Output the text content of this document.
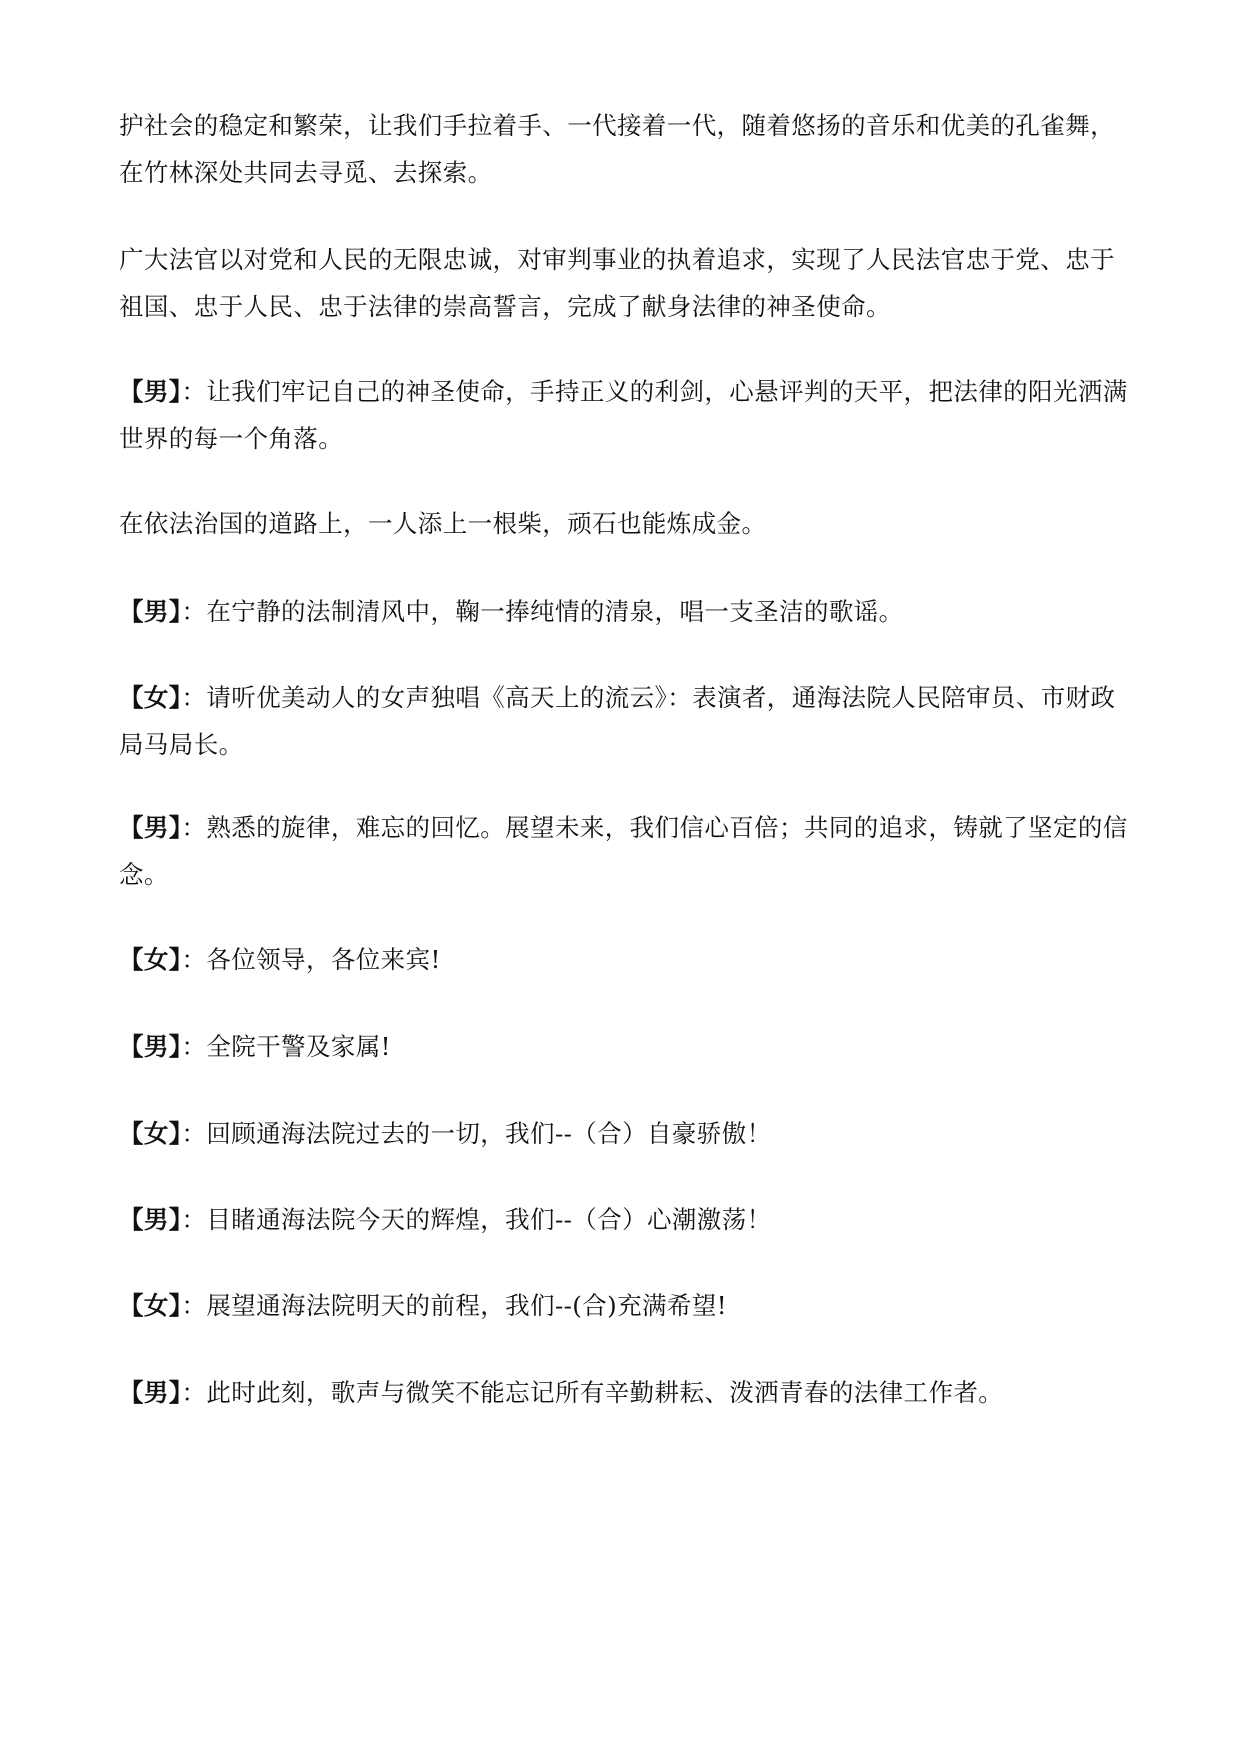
护社会的稳定和繁荣，让我们手拉着手、一代接着一代，随着悠扬的音乐和优美的孔雀舞，在竹林深处共同去寻觅、去探索。

广大法官以对党和人民的无限忠诚，对审判事业的执着追求，实现了人民法官忠于党、忠于祖国、忠于人民、忠于法律的崇高誓言，完成了献身法律的神圣使命。

【男】：让我们牢记自己的神圣使命，手持正义的利剑，心悬评判的天平，把法律的阳光洒满世界的每一个角落。

在依法治国的道路上，一人添上一根柴，顽石也能炼成金。

【男】：在宁静的法制清风中，鞠一捧纯情的清泉，唱一支圣洁的歌谣。

【女】：请听优美动人的女声独唱《高天上的流云》：表演者，通海法院人民陪审员、市财政局马局长。

【男】：熟悉的旋律，难忘的回忆。展望未来，我们信心百倍；共同的追求，铸就了坚定的信念。

【女】：各位领导，各位来宾!

【男】：全院干警及家属!

【女】：回顾通海法院过去的一切，我们--（合）自豪骄傲！

【男】：目睹通海法院今天的辉煌，我们--（合）心潮激荡！

【女】：展望通海法院明天的前程，我们--(合)充满希望!

【男】：此时此刻，歌声与微笑不能忘记所有辛勤耕耘、泼洒青春的法律工作者。
